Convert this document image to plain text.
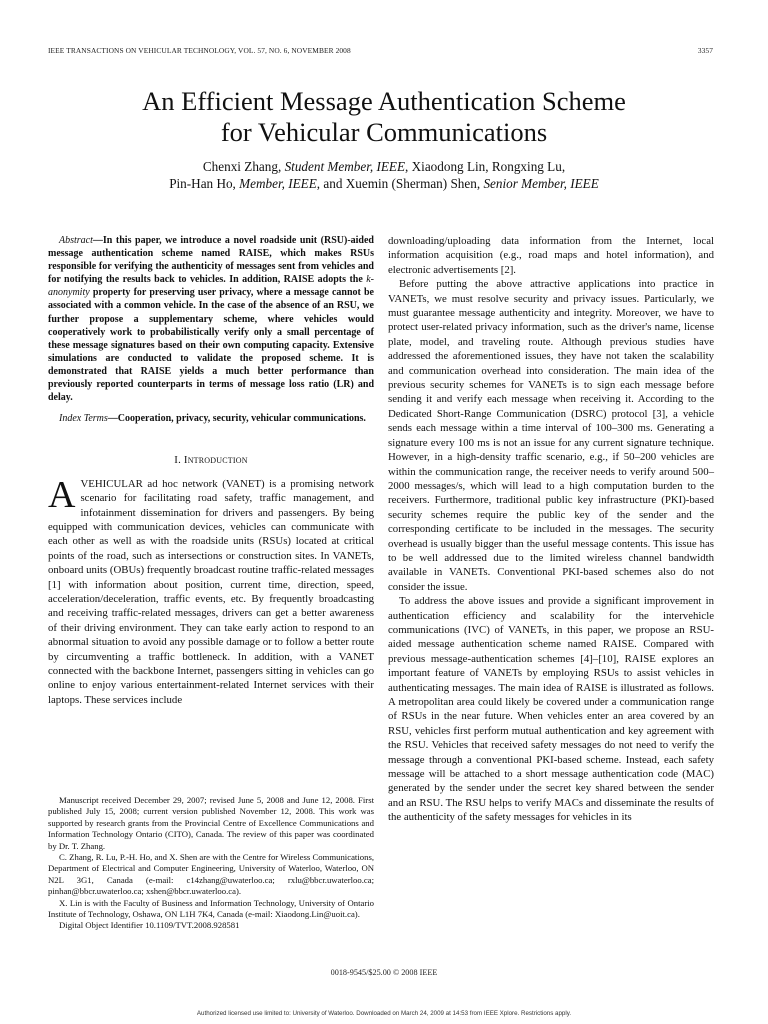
IEEE TRANSACTIONS ON VEHICULAR TECHNOLOGY, VOL. 57, NO. 6, NOVEMBER 2008	3357
An Efficient Message Authentication Scheme
for Vehicular Communications
Chenxi Zhang, Student Member, IEEE, Xiaodong Lin, Rongxing Lu,
Pin-Han Ho, Member, IEEE, and Xuemin (Sherman) Shen, Senior Member, IEEE

Abstract—In this paper, we introduce a novel roadside unit (RSU)-aided message authentication scheme named RAISE, which makes RSUs responsible for verifying the authenticity of messages sent from vehicles and for notifying the results back to vehicles. In addition, RAISE adopts the k-anonymity property for preserving user privacy, where a message cannot be associated with a common vehicle. In the case of the absence of an RSU, we further propose a supplementary scheme, where vehicles would cooperatively work to probabilistically verify only a small percentage of these message signatures based on their own computing capacity. Extensive simulations are conducted to validate the proposed scheme. It is demonstrated that RAISE yields a much better performance than previously reported counterparts in terms of message loss ratio (LR) and delay.

Index Terms—Cooperation, privacy, security, vehicular communications.

I. Introduction

A VEHICULAR ad hoc network (VANET) is a promising network scenario for facilitating road safety, traffic management, and infotainment dissemination for drivers and passengers. By being equipped with communication devices, vehicles can communicate with each other as well as with the roadside units (RSUs) located at critical points of the road, such as intersections or construction sites. In VANETs, onboard units (OBUs) frequently broadcast routine traffic-related messages [1] with information about position, current time, direction, speed, acceleration/deceleration, traffic events, etc. By frequently broadcasting and receiving traffic-related messages, drivers can get a better awareness of their driving environment. They can take early action to respond to an abnormal situation to avoid any possible damage or to follow a better route by circumventing a traffic bottleneck. In addition, with a VANET connected with the backbone Internet, passengers sitting in vehicles can go online to enjoy various entertainment-related Internet services with their laptops. These services include

Manuscript received December 29, 2007; revised June 5, 2008 and June 12, 2008. First published July 15, 2008; current version published November 12, 2008. This work was supported by research grants from the Provincial Centre of Excellence Communications and Information Technology Ontario (CITO), Canada. The review of this paper was coordinated by Dr. T. Zhang.

C. Zhang, R. Lu, P.-H. Ho, and X. Shen are with the Centre for Wireless Communications, Department of Electrical and Computer Engineering, University of Waterloo, Waterloo, ON N2L 3G1, Canada (e-mail: c14zhang@uwaterloo.ca; rxlu@bbcr.uwaterloo.ca; pinhan@bbcr.uwaterloo.ca; xshen@bbcr.uwaterloo.ca).

X. Lin is with the Faculty of Business and Information Technology, University of Ontario Institute of Technology, Oshawa, ON L1H 7K4, Canada (e-mail: Xiaodong.Lin@uoit.ca).

Digital Object Identifier 10.1109/TVT.2008.928581

downloading/uploading data information from the Internet, local information acquisition (e.g., road maps and hotel information), and electronic advertisements [2].

Before putting the above attractive applications into practice in VANETs, we must resolve security and privacy issues. Particularly, we must guarantee message authenticity and integrity. Moreover, we have to protect user-related privacy information, such as the driver's name, license plate, model, and traveling route. Although previous studies have addressed the aforementioned issues, they have not taken the scalability and communication overhead into consideration. The main idea of the previous security schemes for VANETs is to sign each message before sending it and verify each message when receiving it. According to the Dedicated Short-Range Communication (DSRC) protocol [3], a vehicle sends each message within a time interval of 100–300 ms. Generating a signature every 100 ms is not an issue for any current signature technique. However, in a high-density traffic scenario, e.g., if 50–200 vehicles are within the communication range, the receiver needs to verify around 500–2000 messages/s, which will lead to a high computation burden to the receivers. Furthermore, traditional public key infrastructure (PKI)-based security schemes require the public key of the sender and the corresponding certificate to be included in the messages. The security overhead is usually bigger than the useful message contents. This issue has to be well addressed due to the limited wireless channel bandwidth available in VANETs. Conventional PKI-based schemes also do not consider the issue.

To address the above issues and provide a significant improvement in authentication efficiency and scalability for the intervehicle communications (IVC) of VANETs, in this paper, we propose an RSU-aided message authentication scheme named RAISE. Compared with previous message-authentication schemes [4]–[10], RAISE explores an important feature of VANETs by employing RSUs to assist vehicles in authenticating messages. The main idea of RAISE is illustrated as follows. A metropolitan area could likely be covered under a communication range of RSUs in the near future. When vehicles enter an area covered by an RSU, vehicles first perform mutual authentication and key agreement with the RSU. Vehicles that received safety messages do not need to verify the message through a conventional PKI-based scheme. Instead, each safety message will be attached to a short message authentication code (MAC) generated by the sender under the secret key shared between the sender and an RSU. The RSU helps to verify MACs and disseminate the results of the authenticity of the safety messages for vehicles in its

0018-9545/$25.00 © 2008 IEEE
Authorized licensed use limited to: University of Waterloo. Downloaded on March 24, 2009 at 14:53 from IEEE Xplore. Restrictions apply.
